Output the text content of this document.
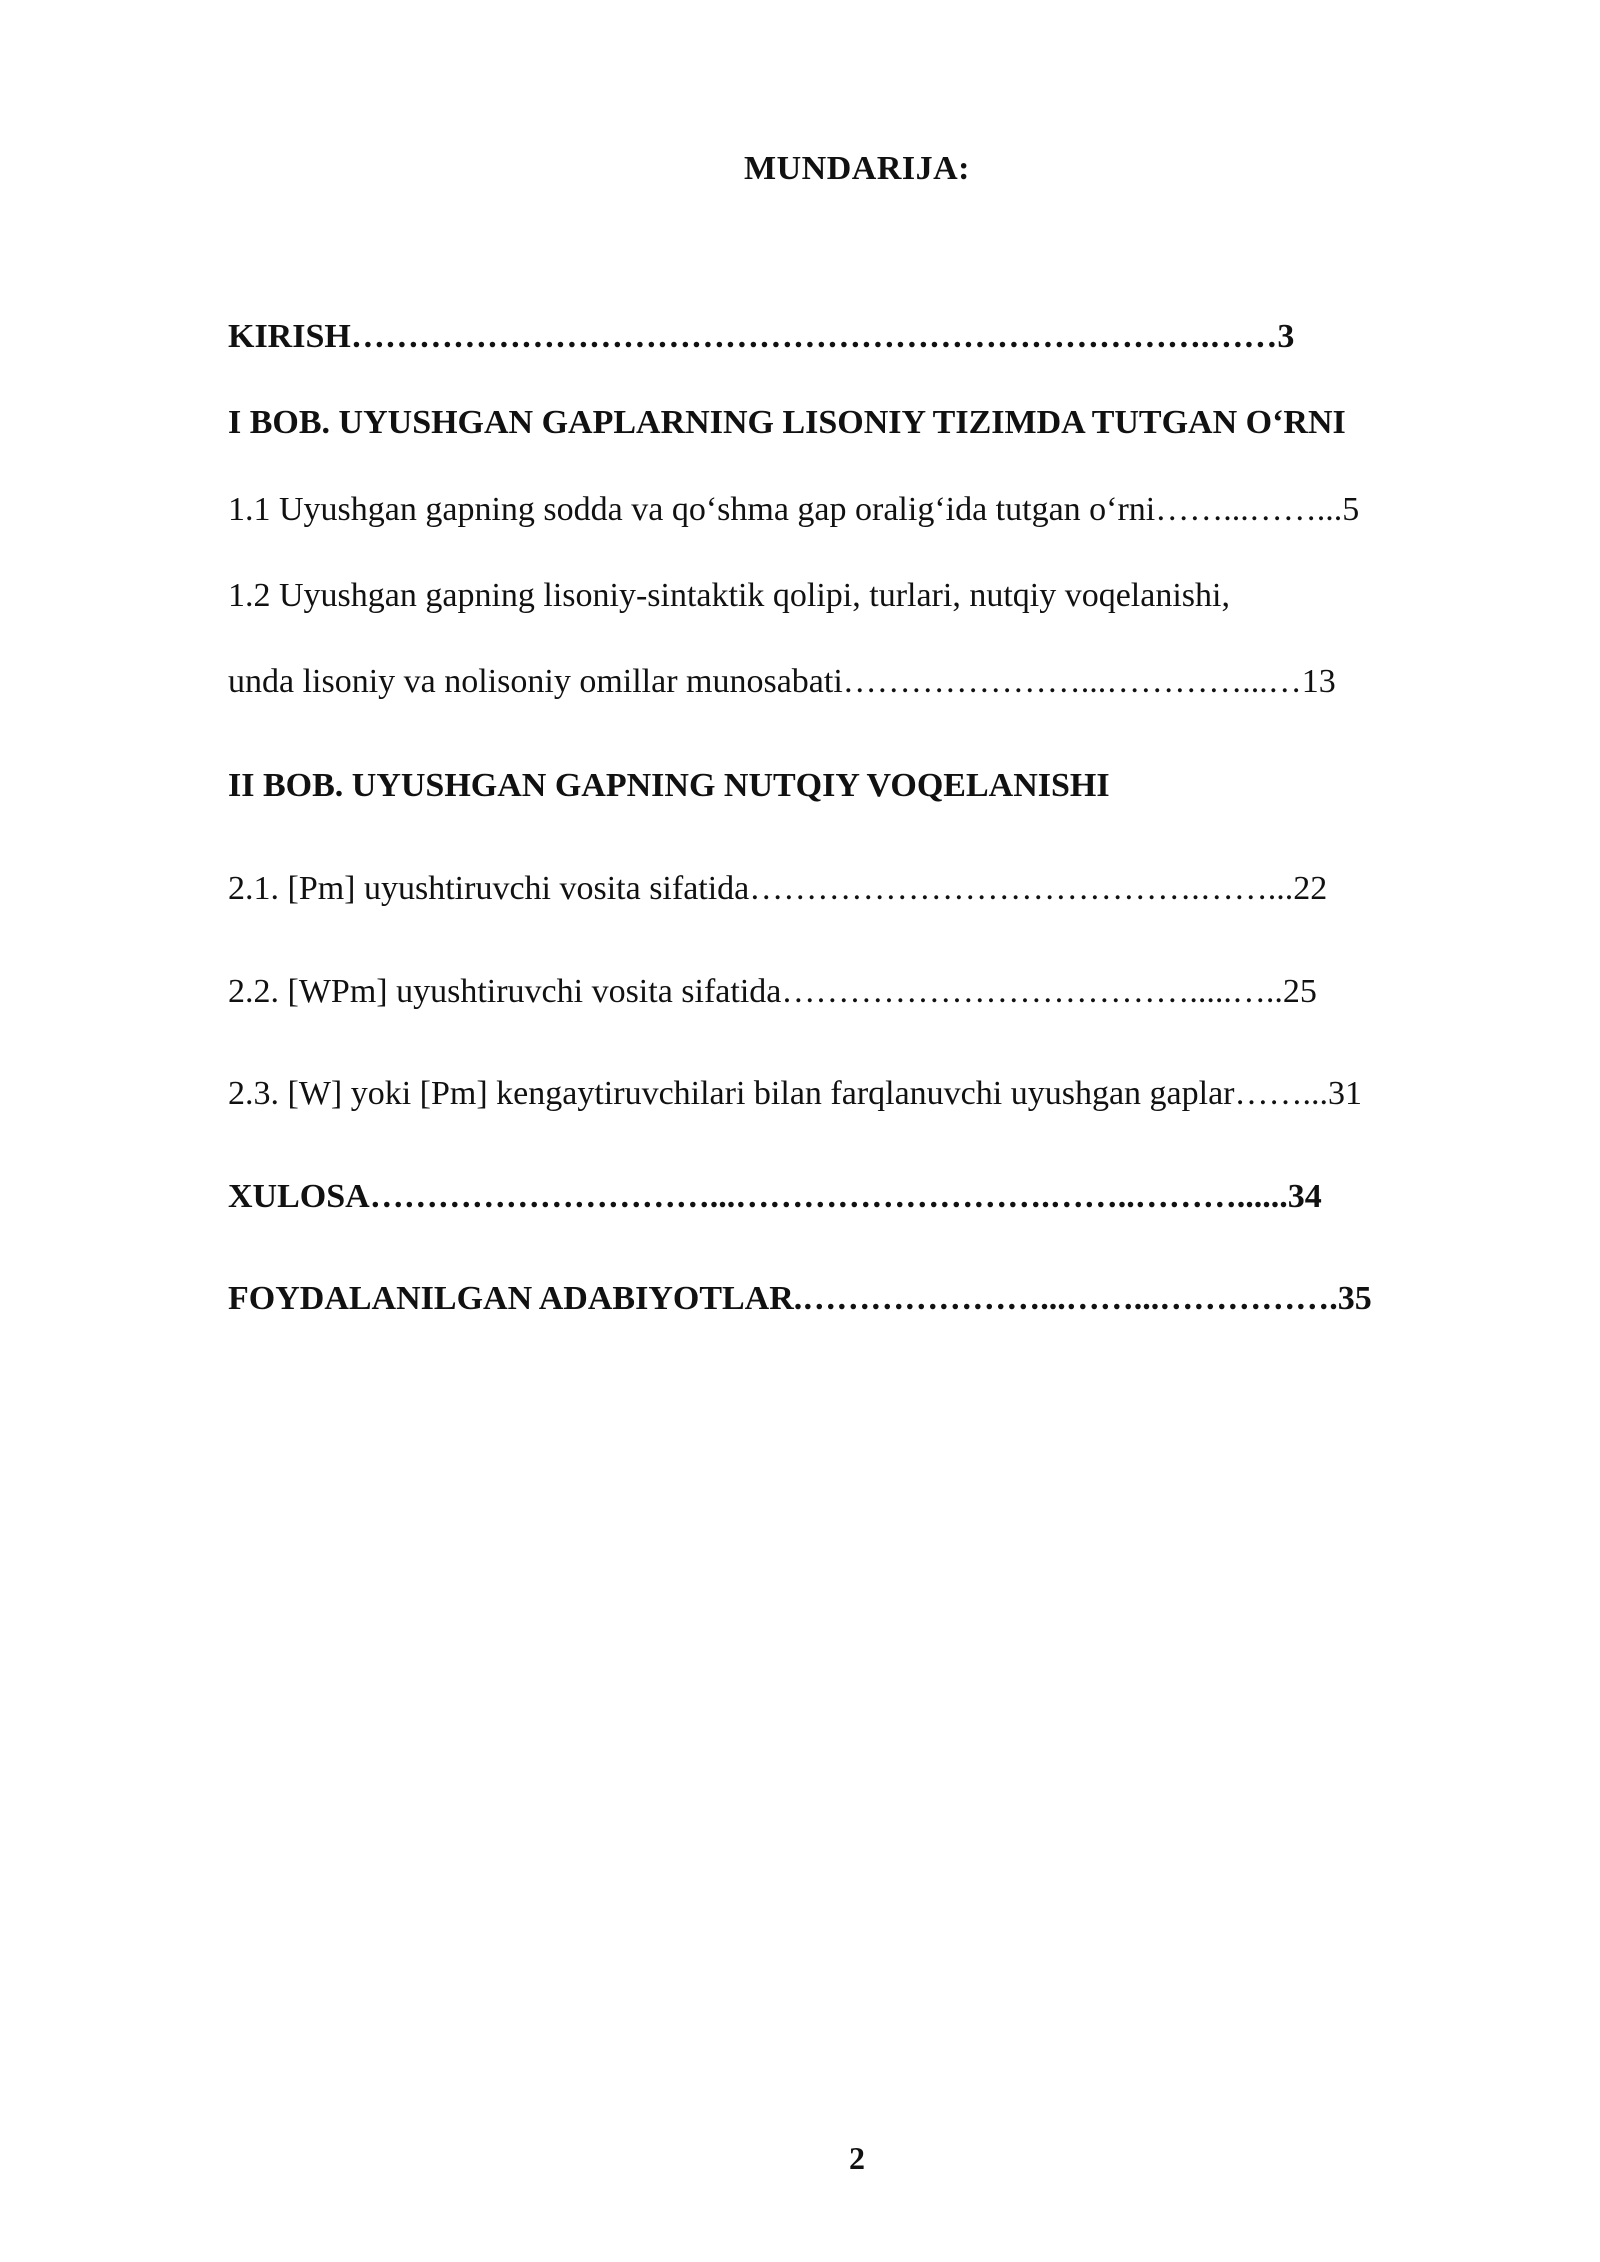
MUNDARIJA:
KIRISH………………………………………………………………….……3
I BOB. UYUSHGAN GAPLARNING LISONIY TIZIMDA TUTGAN O‘RNI
1.1 Uyushgan gapning sodda va qo‘shma gap oralig‘ida tutgan o‘rni……...……...5
1.2 Uyushgan gapning lisoniy-sintaktik qolipi, turlari, nutqiy voqelanishi,
unda lisoniy va nolisoniy omillar munosabati…………………...…………...…13
II BOB. UYUSHGAN GAPNING NUTQIY VOQELANISHI
2.1. [Pm] uyushtiruvchi vosita sifatida………………………………….……...22
2.2. [WPm] uyushtiruvchi vosita sifatida……………………………….....…..25
2.3. [W] yoki [Pm] kengaytiruvchilari bilan farqlanuvchi uyushgan gaplar……...31
XULOSA…………………………...……………………….……..………......34
FOYDALANILGAN ADABIYOTLAR.…………………...……...…………….35
2
